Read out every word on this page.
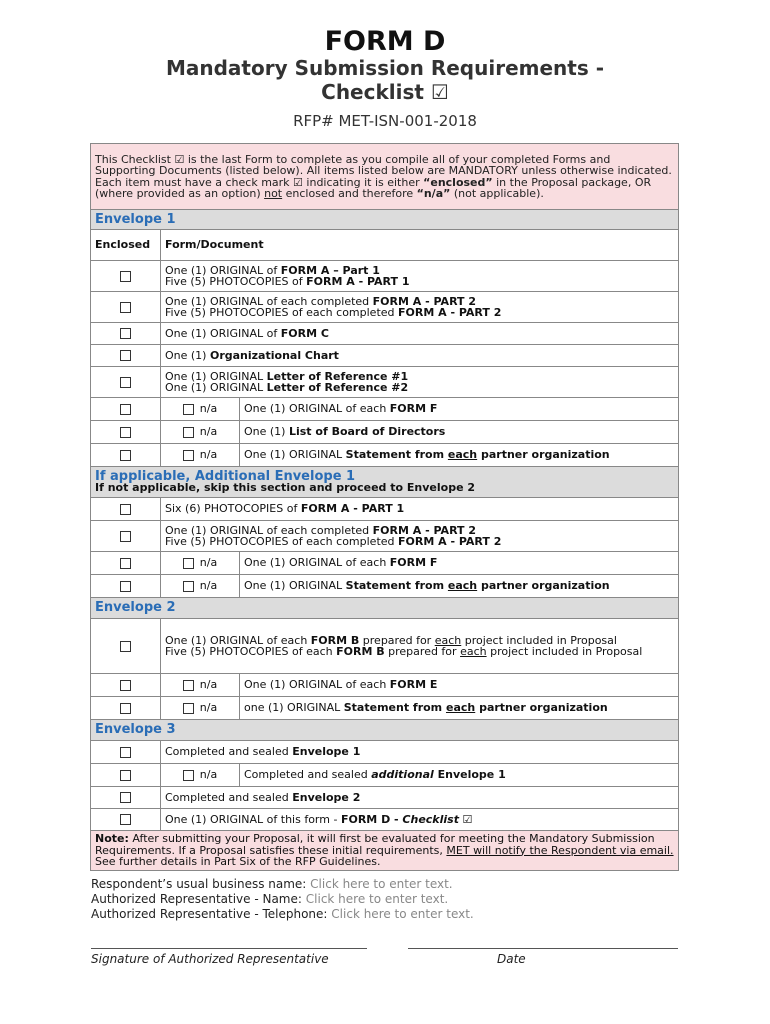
FORM D
Mandatory Submission Requirements -
Checklist ☑
RFP# MET-ISN-001-2018
This Checklist ☑ is the last Form to complete as you compile all of your completed Forms and Supporting Documents (listed below). All items listed below are MANDATORY unless otherwise indicated. Each item must have a check mark ☑ indicating it is either “enclosed” in the Proposal package, OR (where provided as an option) not enclosed and therefore “n/a” (not applicable).		
Envelope 1		
Enclosed	Form/Document	
	One (1) ORIGINAL of FORM A – Part 1
Five (5) PHOTOCOPIES of FORM A - PART 1	
	One (1) ORIGINAL of each completed FORM A - PART 2
Five (5) PHOTOCOPIES of each completed FORM A - PART 2	
	One (1) ORIGINAL of FORM C	
	One (1) Organizational Chart	
	One (1) ORIGINAL Letter of Reference #1
One (1) ORIGINAL Letter of Reference #2	
	n/a	One (1) ORIGINAL of each FORM F
	n/a	One (1) List of Board of Directors
	n/a	One (1) ORIGINAL Statement from each partner organization

If applicable, Additional Envelope 1
If not applicable, skip this section and proceed to Envelope 2		

	Six (6) PHOTOCOPIES of FORM A - PART 1	
	One (1) ORIGINAL of each completed FORM A - PART 2
Five (5) PHOTOCOPIES of each completed FORM A - PART 2	
	n/a	One (1) ORIGINAL of each FORM F
	n/a	One (1) ORIGINAL Statement from each partner organization
Envelope 2		
	One (1) ORIGINAL of each FORM B prepared for each project included in Proposal
Five (5) PHOTOCOPIES of each FORM B prepared for each project included in Proposal	
	n/a	One (1) ORIGINAL of each FORM E
	n/a	one (1) ORIGINAL Statement from each partner organization
Envelope 3		
	Completed and sealed Envelope 1	
	n/a	Completed and sealed additional Envelope 1
	Completed and sealed Envelope 2	
	One (1) ORIGINAL of this form - FORM D - Checklist ☑	
Note: After submitting your Proposal, it will first be evaluated for meeting the Mandatory Submission Requirements. If a Proposal satisfies these initial requirements, MET will notify the Respondent via email. See further details in Part Six of the RFP Guidelines.		
Respondent’s usual business name: Click here to enter text.
Authorized Representative - Name: Click here to enter text.
Authorized Representative - Telephone: Click here to enter text.
Signature of Authorized Representative	Date
